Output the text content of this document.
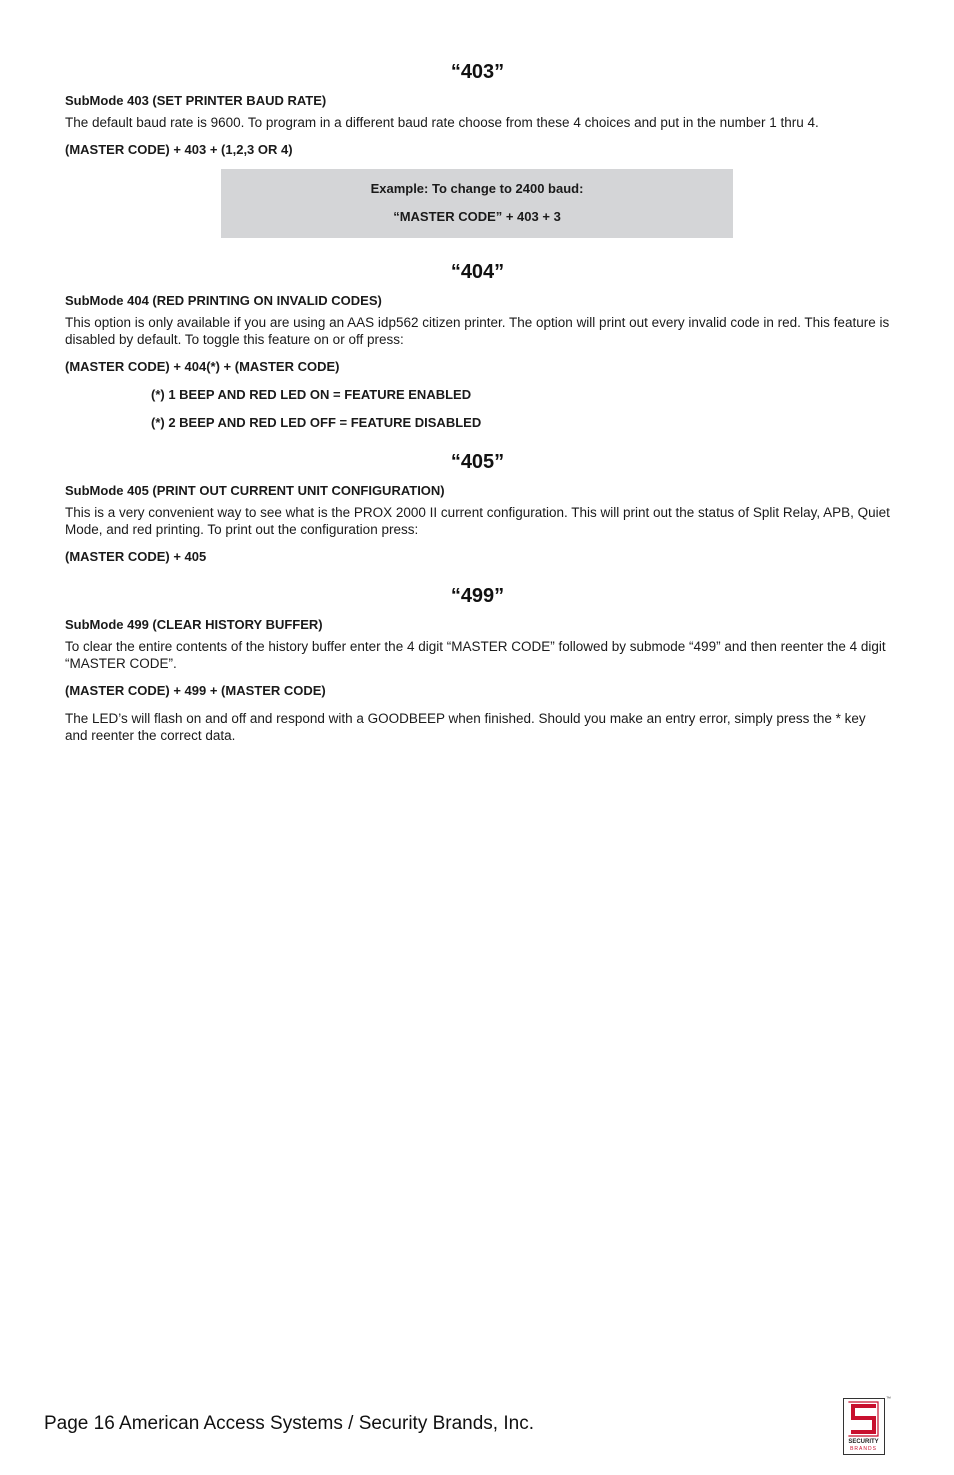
“403”
SubMode 403 (SET PRINTER BAUD RATE)
The default baud rate is 9600. To program in a different baud rate choose from these 4 choices and put in the number 1 thru 4.
(MASTER CODE) + 403 + (1,2,3 OR 4)
Example: To change to 2400 baud:
“MASTER CODE” + 403 + 3
“404”
SubMode 404 (RED PRINTING ON INVALID CODES)
This option is only available if you are using an AAS idp562 citizen printer. The option will print out every invalid code in red. This feature is disabled by default. To toggle this feature on or off press:
(MASTER CODE) + 404(*) + (MASTER CODE)
(*) 1 BEEP AND RED LED ON = FEATURE ENABLED
(*) 2 BEEP AND RED LED OFF = FEATURE DISABLED
“405”
SubMode 405 (PRINT OUT CURRENT UNIT CONFIGURATION)
This is a very convenient way to see what is the PROX 2000 II current configuration. This will print out the status of Split Relay, APB, Quiet Mode, and red printing. To print out the configuration press:
(MASTER CODE) + 405
“499”
SubMode 499 (CLEAR HISTORY BUFFER)
To clear the entire contents of the history buffer enter the 4 digit “MASTER CODE” followed by submode “499” and then reenter the 4 digit “MASTER CODE”.
(MASTER CODE) + 499 + (MASTER CODE)
The LED’s will flash on and off and respond with a GOODBEEP when finished. Should you make an entry error, simply press the * key and reenter the correct data.
Page 16 American Access Systems / Security Brands, Inc.
SECURITY
BRANDS
™
